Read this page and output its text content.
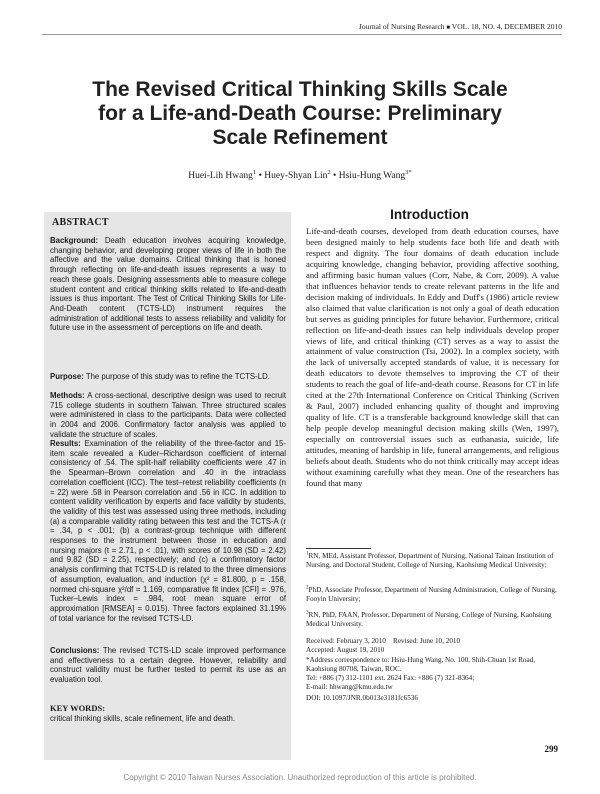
Journal of Nursing Research ■ VOL. 18, NO. 4, DECEMBER 2010
The Revised Critical Thinking Skills Scale
for a Life-and-Death Course: Preliminary
Scale Refinement
Huei-Lih Hwang$^1$ • Huey-Shyan Lin$^2$ • Hsiu-Hung Wang$^{3*}$
ABSTRACT
Background: Death education involves acquiring knowledge, changing behavior, and developing proper views of life in both the affective and the value domains. Critical thinking that is honed through reflecting on life-and-death issues represents a way to reach these goals. Designing assessments able to measure college student content and critical thinking skills related to life-and-death issues is thus important. The Test of Critical Thinking Skills for Life-And-Death content (TCTS-LD) instrument requires the administration of additional tests to assess reliability and validity for future use in the assessment of perceptions on life and death.
Purpose: The purpose of this study was to refine the TCTS-LD.
Methods: A cross-sectional, descriptive design was used to recruit 715 college students in southern Taiwan. Three structured scales were administered in class to the participants. Data were collected in 2004 and 2006. Confirmatory factor analysis was applied to validate the structure of scales.
Results: Examination of the reliability of the three-factor and 15-item scale revealed a Kuder–Richardson coefficient of internal consistency of .54. The split-half reliability coefficients were .47 in the Spearman–Brown correlation and .40 in the intraclass correlation coefficient (ICC). The test–retest reliability coefficients (n = 22) were .58 in Pearson correlation and .56 in ICC. In addition to content validity verification by experts and face validity by students, the validity of this test was assessed using three methods, including (a) a comparable validity rating between this test and the TCTS-A (r = .34, p < .001; (b) a contrast-group technique with different responses to the instrument between those in education and nursing majors (t = 2.71, p < .01), with scores of 10.98 (SD = 2.42) and 9.82 (SD = 2.25), respectively; and (c) a confirmatory factor analysis confirming that TCTS-LD is related to the three dimensions of assumption, evaluation, and induction (χ² = 81.800, p = .158, normed chi-square χ²/df = 1.169, comparative fit index [CFI] = .976, Tucker–Lewis index = .984, root mean square error of approximation [RMSEA] = 0.015). Three factors explained 31.19% of total variance for the revised TCTS-LD.
Conclusions: The revised TCTS-LD scale improved performance and effectiveness to a certain degree. However, reliability and construct validity must be further tested to permit its use as an evaluation tool.
KEY WORDS:
critical thinking skills, scale refinement, life and death.
Introduction
Life-and-death courses, developed from death education courses, have been designed mainly to help students face both life and death with respect and dignity. The four domains of death education include acquiring knowledge, changing behavior, providing affective soothing, and affirming basic human values (Corr, Nabe, & Corr, 2009). A value that influences behavior tends to create relevant patterns in the life and decision making of individuals. In Eddy and Duff's (1986) article review also claimed that value clarification is not only a goal of death education but serves as guiding principles for future behavior. Furthermore, critical reflection on life-and-death issues can help individuals develop proper views of life, and critical thinking (CT) serves as a way to assist the attainment of value construction (Tsi, 2002). In a complex society, with the lack of universally accepted standards of value, it is necessary for death educators to devote themselves to improving the CT of their students to reach the goal of life-and-death course. Reasons for CT in life cited at the 27th International Conference on Critical Thinking (Scriven & Paul, 2007) included enhancing quality of thought and improving quality of life. CT is a transferable background knowledge skill that can help people develop meaningful decision making skills (Wen, 1997), especially on controversial issues such as euthanasia, suicide, life attitudes, meaning of hardship in life, funeral arrangements, and religious beliefs about death. Students who do not think critically may accept ideas without examining carefully what they mean. One of the researchers has found that many
$^1$RN, MEd, Assistant Professor, Department of Nursing, National Tainan Institution of Nursing, and Doctoral Student, College of Nursing, Kaohsiung Medical University;
$^2$PhD, Associate Professor, Department of Nursing Administration, College of Nursing, Fooyin University;
$^3$RN, PhD, FAAN, Professor, Department of Nursing, College of Nursing, Kaohsiung Medical University.
Received: February 3, 2010    Revised: June 10, 2010
Accepted: August 19, 2010
*Address correspondence to: Hsiu-Hung Wang, No. 100, Shih-Chuan 1st Road, Kaohsiung 80708, Taiwan, ROC.
Tel: +886 (7) 312-1101 ext. 2624 Fax: +886 (7) 321-8364;
E-mail: hhwang@kmu.edu.tw
DOI: 10.1097/JNR.0b013e3181fc6536
299
Copyright © 2010 Taiwan Nurses Association. Unauthorized reproduction of this article is prohibited.
